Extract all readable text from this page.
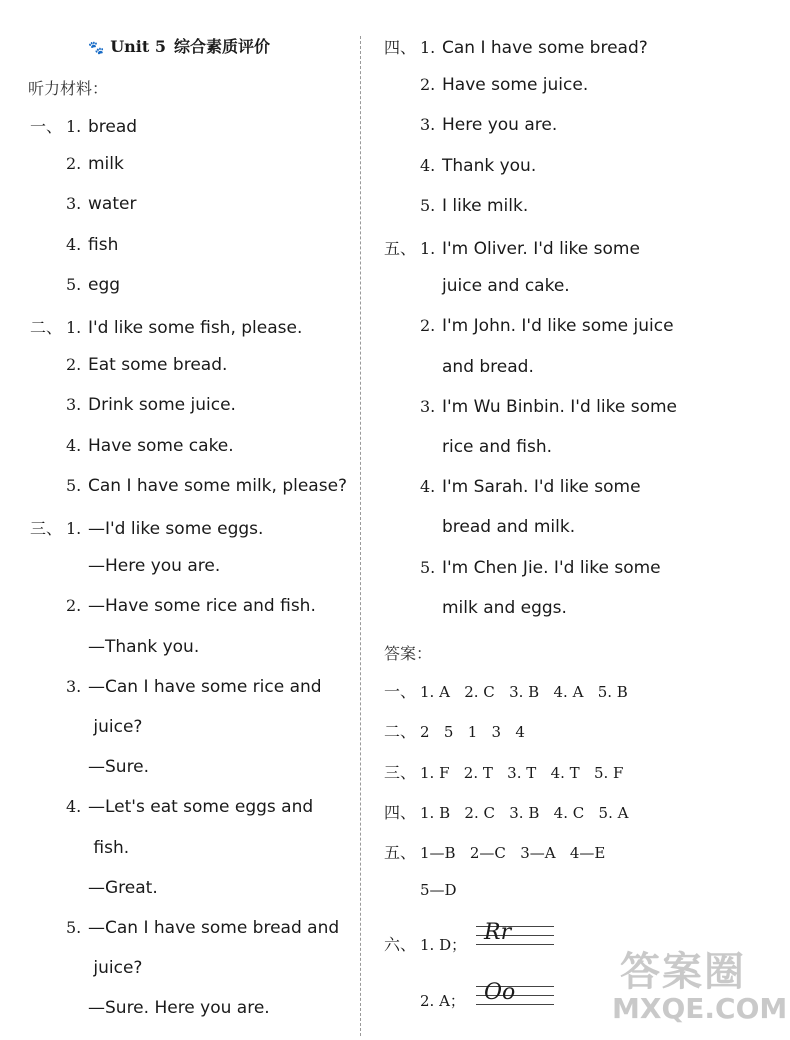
🐾 Unit 5 综合素质评价
听力材料：
一、 1. bread
2. milk
3. water
4. fish
5. egg
二、 1. I'd like some fish, please.
2. Eat some bread.
3. Drink some juice.
4. Have some cake.
5. Can I have some milk, please?
三、 1. —I'd like some eggs.
—Here you are.
2. —Have some rice and fish.
—Thank you.
3. —Can I have some rice and
juice?
—Sure.
4. —Let's eat some eggs and
fish.
—Great.
5. —Can I have some bread and
juice?
—Sure. Here you are.
四、 1. Can I have some bread?
2. Have some juice.
3. Here you are.
4. Thank you.
5. I like milk.
五、 1. I'm Oliver. I'd like some
juice and cake.
2. I'm John. I'd like some juice
and bread.
3. I'm Wu Binbin. I'd like some
rice and fish.
4. I'm Sarah. I'd like some
bread and milk.
5. I'm Chen Jie. I'd like some
milk and eggs.
答案：
一、 1. A   2. C   3. B   4. A   5. B
二、 2   5   1   3   4
三、 1. F   2. T   3. T   4. T   5. F
四、 1. B   2. C   3. B   4. C   5. A
五、 1—B   2—C   3—A   4—E
5—D
六、 1. D； Rr
2. A； Oo	答案圈
MXQE.COM
